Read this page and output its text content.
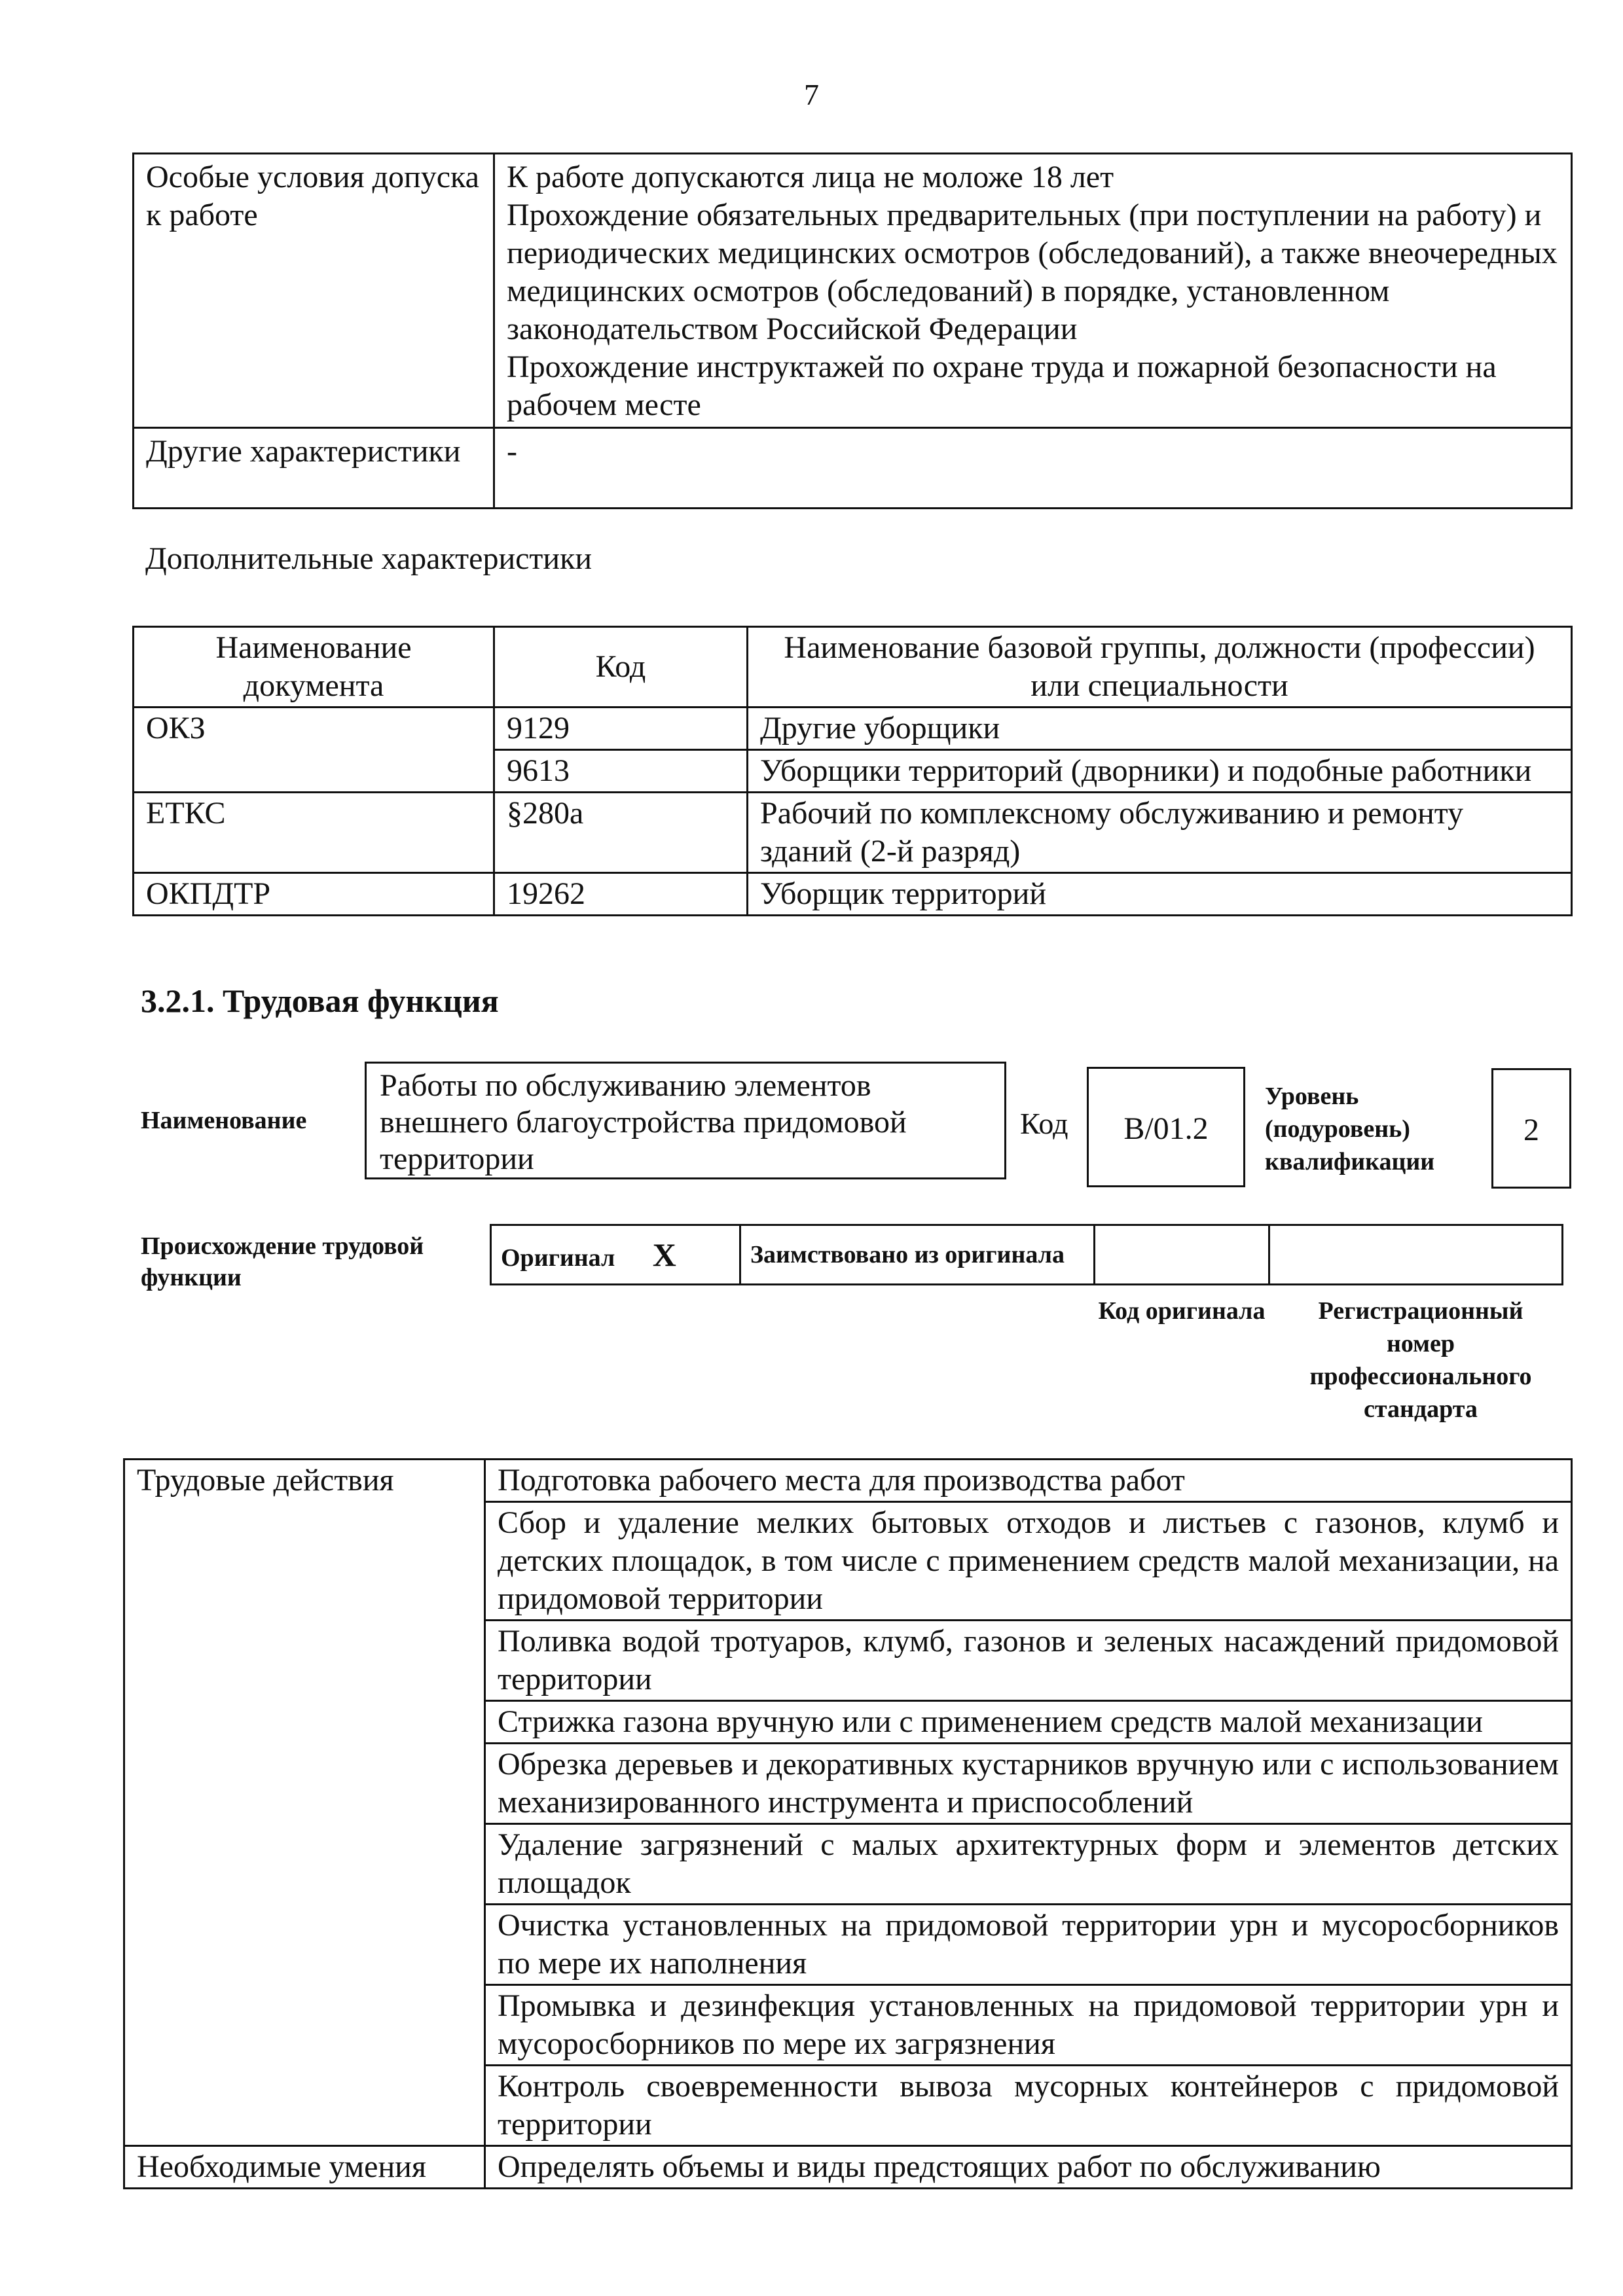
7
Особые условия допуска к работе	К работе допускаются лица не моложе 18 лет
Прохождение обязательных предварительных (при поступлении на работу) и периодических медицинских осмотров (обследований), а также внеочередных медицинских осмотров (обследований) в порядке, установленном законодательством Российской Федерации
Прохождение инструктажей по охране труда и пожарной безопасности на рабочем месте

Другие характеристики	-
Дополнительные характеристики
Наименование документа	Код	Наименование базовой группы, должности (профессии) или специальности
ОКЗ	9129	Другие уборщики
	9613	Уборщики территорий (дворники) и подобные работники
ЕТКС	§280а	Рабочий по комплексному обслуживанию и ремонту зданий (2-й разряд)
ОКПДТР	19262	Уборщик территорий
3.2.1. Трудовая функция
Наименование
Работы по обслуживанию элементов внешнего благоустройства придомовой территории
Код	B/01.2
Уровень (подуровень) квалификации
2
Происхождение трудовой функции
Оригинал X	Заимствовано из оригинала		
Код оригинала	Регистрационный номер профессионального стандарта
Трудовые действия	Подготовка рабочего места для производства работ
	Сбор и удаление мелких бытовых отходов и листьев с газонов, клумб и детских площадок, в том числе с применением средств малой механизации, на придомовой территории
	Поливка водой тротуаров, клумб, газонов и зеленых насаждений придомовой территории
	Стрижка газона вручную или с применением средств малой механизации
	Обрезка деревьев и декоративных кустарников вручную или с использованием механизированного инструмента и приспособлений
	Удаление загрязнений с малых архитектурных форм и элементов детских площадок
	Очистка установленных на придомовой территории урн и мусоросборников по мере их наполнения
	Промывка и дезинфекция установленных на придомовой территории урн и мусоросборников по мере их загрязнения
	Контроль своевременности вывоза мусорных контейнеров с придомовой территории
Необходимые умения	Определять объемы и виды предстоящих работ по обслуживанию
